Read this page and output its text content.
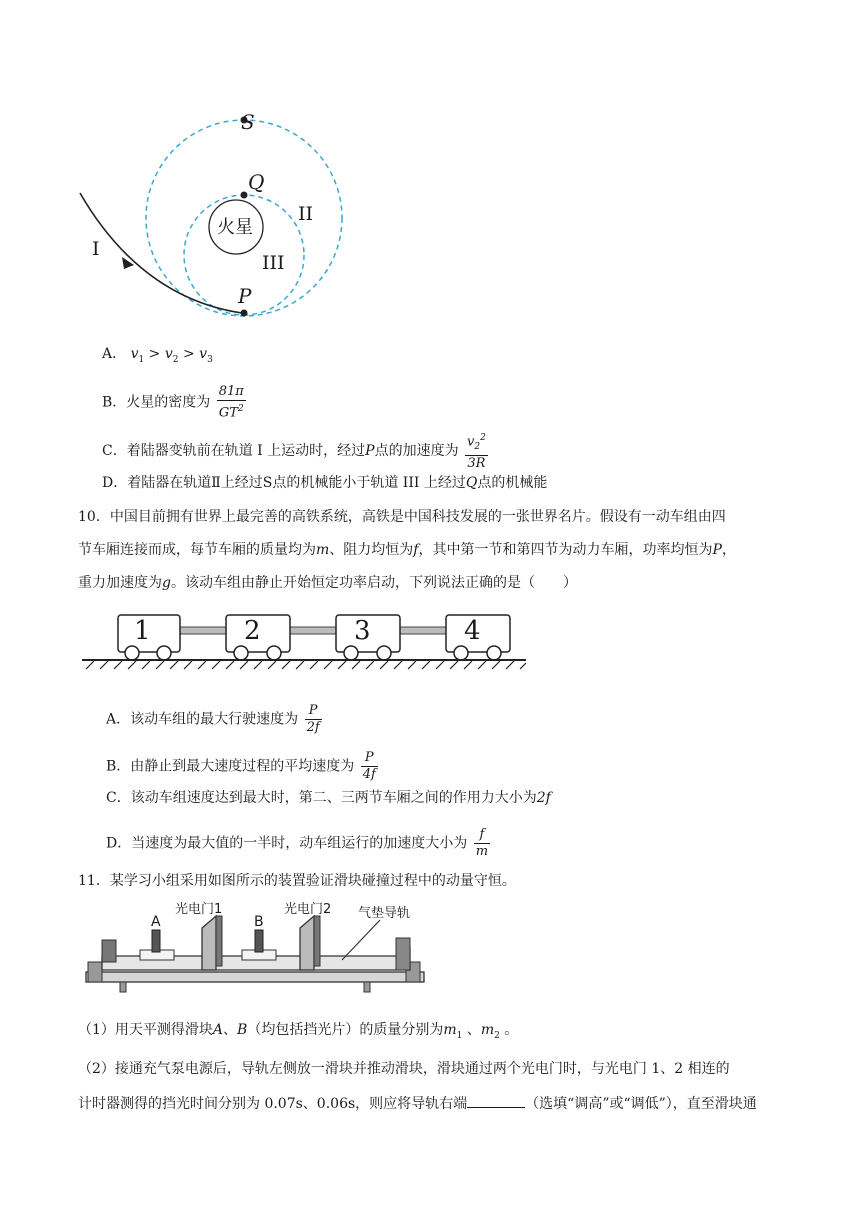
S
Q
P
I
II
III
火星
A． $v_1 > v_2 > v_3$
B．火星的密度为 $\frac{81\pi}{GT^2}$
C．着陆器变轨前在轨道 I 上运动时，经过P点的加速度为 $\frac{v_2^2}{3R}$
D．着陆器在轨道Ⅱ上经过S点的机械能小于轨道 III 上经过Q点的机械能
10．中国目前拥有世界上最完善的高铁系统，高铁是中国科技发展的一张世界名片。假设有一动车组由四
节车厢连接而成，每节车厢的质量均为m、阻力均恒为f，其中第一节和第四节为动力车厢，功率均恒为P，
重力加速度为g。该动车组由静止开始恒定功率启动，下列说法正确的是（　　）
1	2	3	4
A．该动车组的最大行驶速度为 $\frac{P}{2f}$
B．由静止到最大速度过程的平均速度为 $\frac{P}{4f}$
C．该动车组速度达到最大时，第二、三两节车厢之间的作用力大小为2f
D．当速度为最大值的一半时，动车组运行的加速度大小为 $\frac{f}{m}$
11．某学习小组采用如图所示的装置验证滑块碰撞过程中的动量守恒。
光电门1	光电门2 气垫导轨
A	B
（1）用天平测得滑块A、B（均包括挡光片）的质量分别为$m_1$ 、$m_2$ 。
（2）接通充气泵电源后，导轨左侧放一滑块并推动滑块，滑块通过两个光电门时，与光电门 1、2 相连的
计时器测得的挡光时间分别为 0.07s、0.06s，则应将导轨右端	（选填“调高”或“调低”），直至滑块通
